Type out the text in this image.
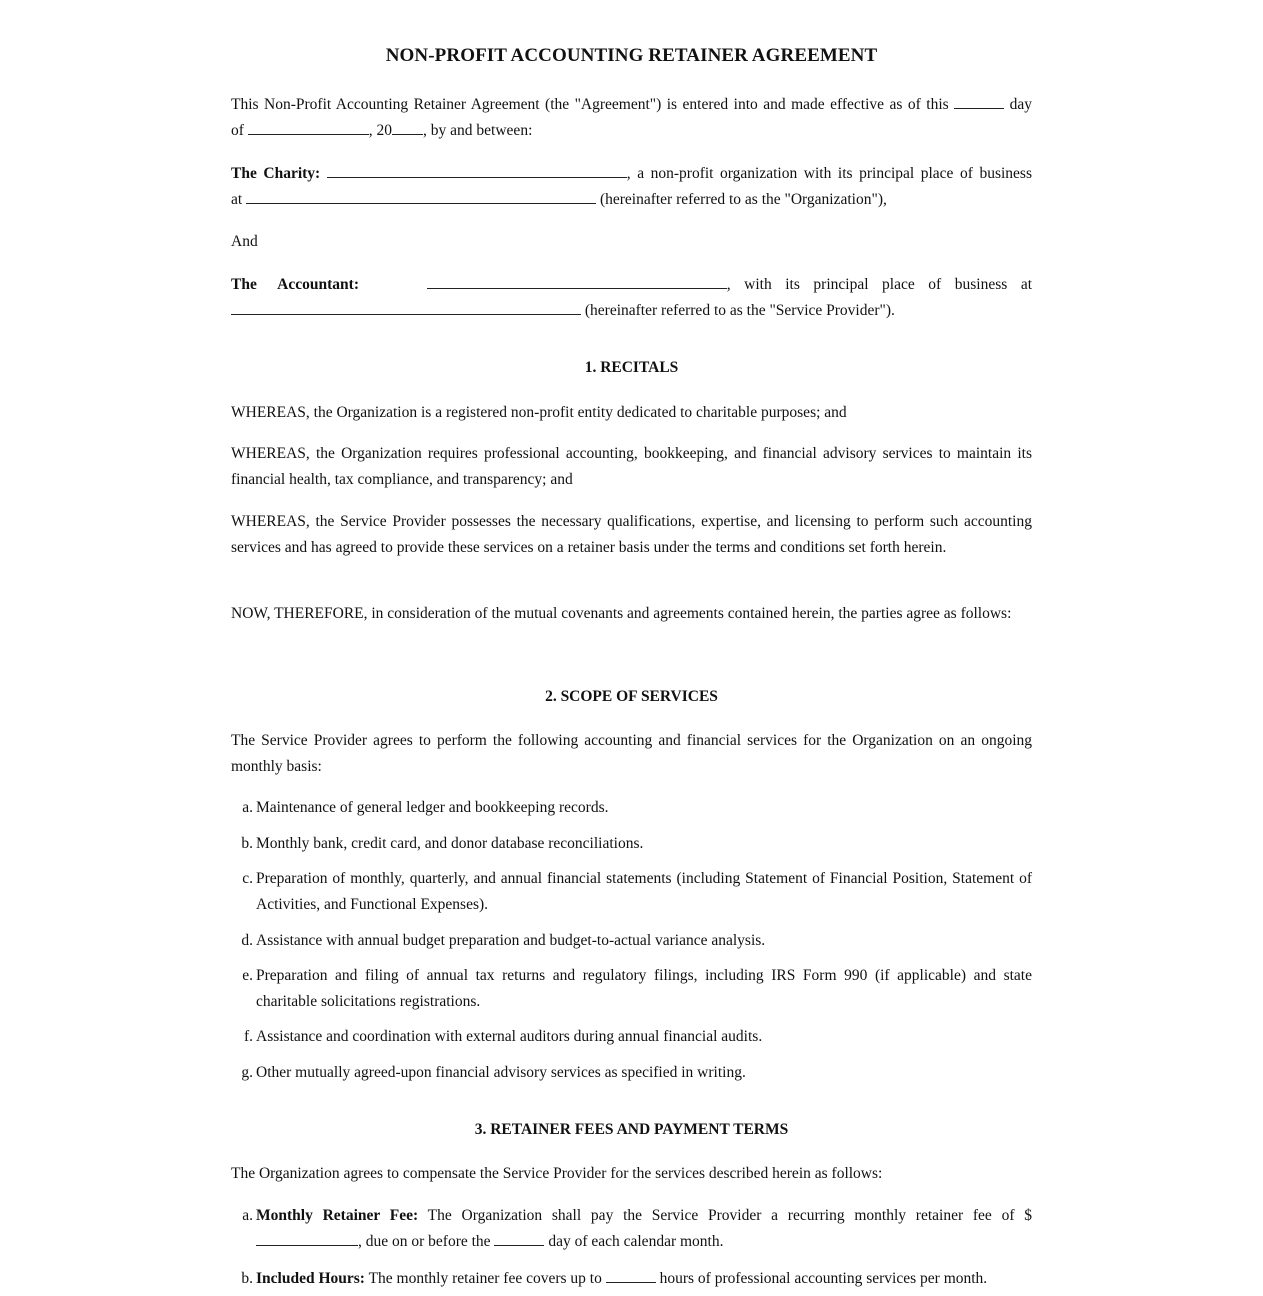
NON-PROFIT ACCOUNTING RETAINER AGREEMENT
This Non-Profit Accounting Retainer Agreement (the "Agreement") is entered into and made effective as of this	day
of	, 20 , by and between:
The Charity:	, a non-profit organization with its principal place of business
at	(hereinafter referred to as the "Organization"),
And
The Accountant:	, with its principal place of business at
(hereinafter referred to as the "Service Provider").
1. RECITALS

WHEREAS, the Organization is a registered non-profit entity dedicated to charitable purposes; and

WHEREAS, the Organization requires professional accounting, bookkeeping, and financial advisory services to maintain its financial health, tax compliance, and transparency; and

WHEREAS, the Service Provider possesses the necessary qualifications, expertise, and licensing to perform such accounting services and has agreed to provide these services on a retainer basis under the terms and conditions set forth herein.

NOW, THEREFORE, in consideration of the mutual covenants and agreements contained herein, the parties agree as follows:

2. SCOPE OF SERVICES

The Service Provider agrees to perform the following accounting and financial services for the Organization on an ongoing monthly basis:

a. Maintenance of general ledger and bookkeeping records.
b. Monthly bank, credit card, and donor database reconciliations.
c. Preparation of monthly, quarterly, and annual financial statements (including Statement of Financial Position, Statement of Activities, and Functional Expenses).
d. Assistance with annual budget preparation and budget-to-actual variance analysis.
e. Preparation and filing of annual tax returns and regulatory filings, including IRS Form 990 (if applicable) and state charitable solicitations registrations.
f. Assistance and coordination with external auditors during annual financial audits.
g. Other mutually agreed-upon financial advisory services as specified in writing.
3. RETAINER FEES AND PAYMENT TERMS

The Organization agrees to compensate the Service Provider for the services described herein as follows:

a. Monthly Retainer Fee: The Organization shall pay the Service Provider a recurring monthly retainer fee of $
, due on or before the	day of each calendar month.
b. Included Hours: The monthly retainer fee covers up to	hours of professional accounting services per month.
